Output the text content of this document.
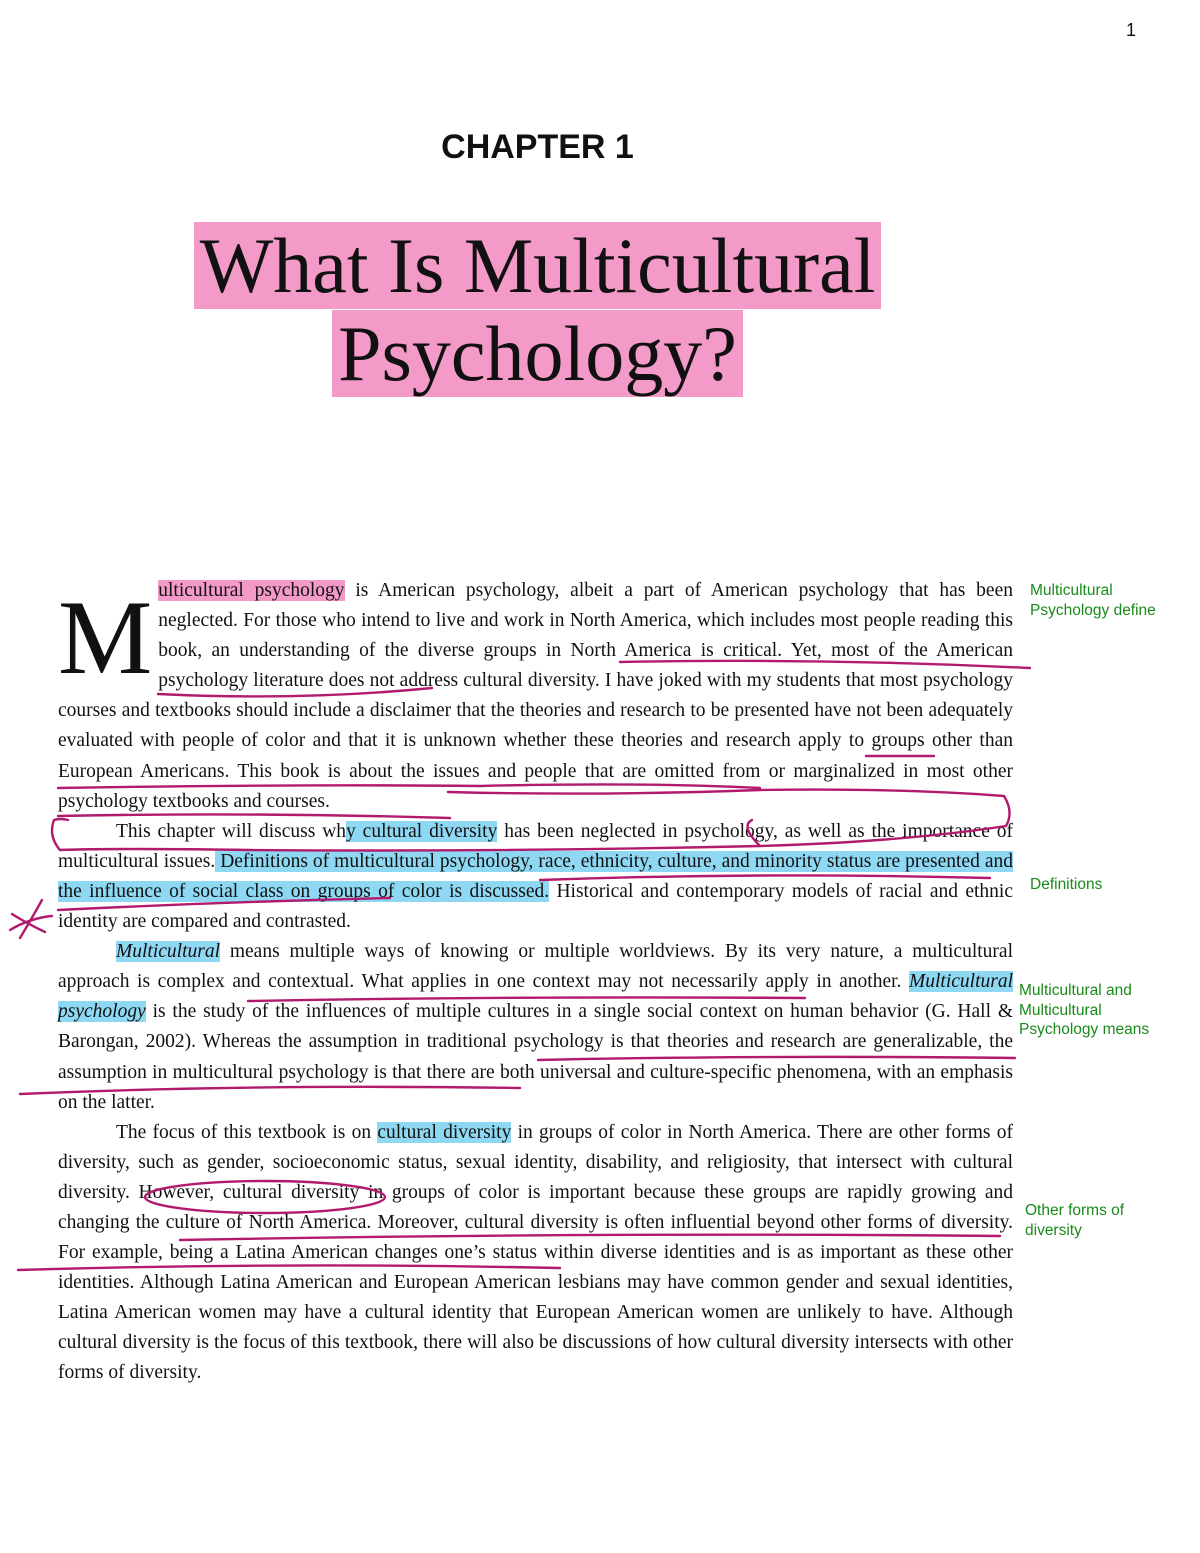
1
CHAPTER 1
What Is Multicultural
Psychology?

Multicultural psychology is American psychology, albeit a part of American psychology that has been neglected. For those who intend to live and work in North America, which includes most people reading this book, an understanding of the diverse groups in North America is critical. Yet, most of the American psychology literature does not address cultural diversity. I have joked with my students that most psychology courses and textbooks should include a disclaimer that the theories and research to be presented have not been adequately evaluated with people of color and that it is unknown whether these theories and research apply to groups other than European Americans. This book is about the issues and people that are omitted from or marginalized in most other psychology textbooks and courses.

This chapter will discuss why cultural diversity has been neglected in psychology, as well as the importance of multicultural issues. Definitions of multicultural psychology, race, ethnicity, culture, and minority status are presented and the influence of social class on groups of color is discussed. Historical and contemporary models of racial and ethnic identity are compared and contrasted.

Multicultural means multiple ways of knowing or multiple worldviews. By its very nature, a multicultural approach is complex and contextual. What applies in one context may not necessarily apply in another. Multicultural psychology is the study of the influences of multiple cultures in a single social context on human behavior (G. Hall & Barongan, 2002). Whereas the assumption in traditional psychology is that theories and research are generalizable, the assumption in multicultural psychology is that there are both universal and culture-specific phenomena, with an emphasis on the latter.

The focus of this textbook is on cultural diversity in groups of color in North America. There are other forms of diversity, such as gender, socioeconomic status, sexual identity, disability, and religiosity, that intersect with cultural diversity. However, cultural diversity in groups of color is important because these groups are rapidly growing and changing the culture of North America. Moreover, cultural diversity is often influential beyond other forms of diversity. For example, being a Latina American changes one’s status within diverse identities and is as important as these other identities. Although Latina American and European American lesbians may have common gender and sexual identities, Latina American women may have a cultural identity that European American women are unlikely to have. Although cultural diversity is the focus of this textbook, there will also be discussions of how cultural diversity intersects with other forms of diversity.

Multicultural Psychology define
Definitions
Multicultural and Multicultural Psychology means
Other forms of diversity
